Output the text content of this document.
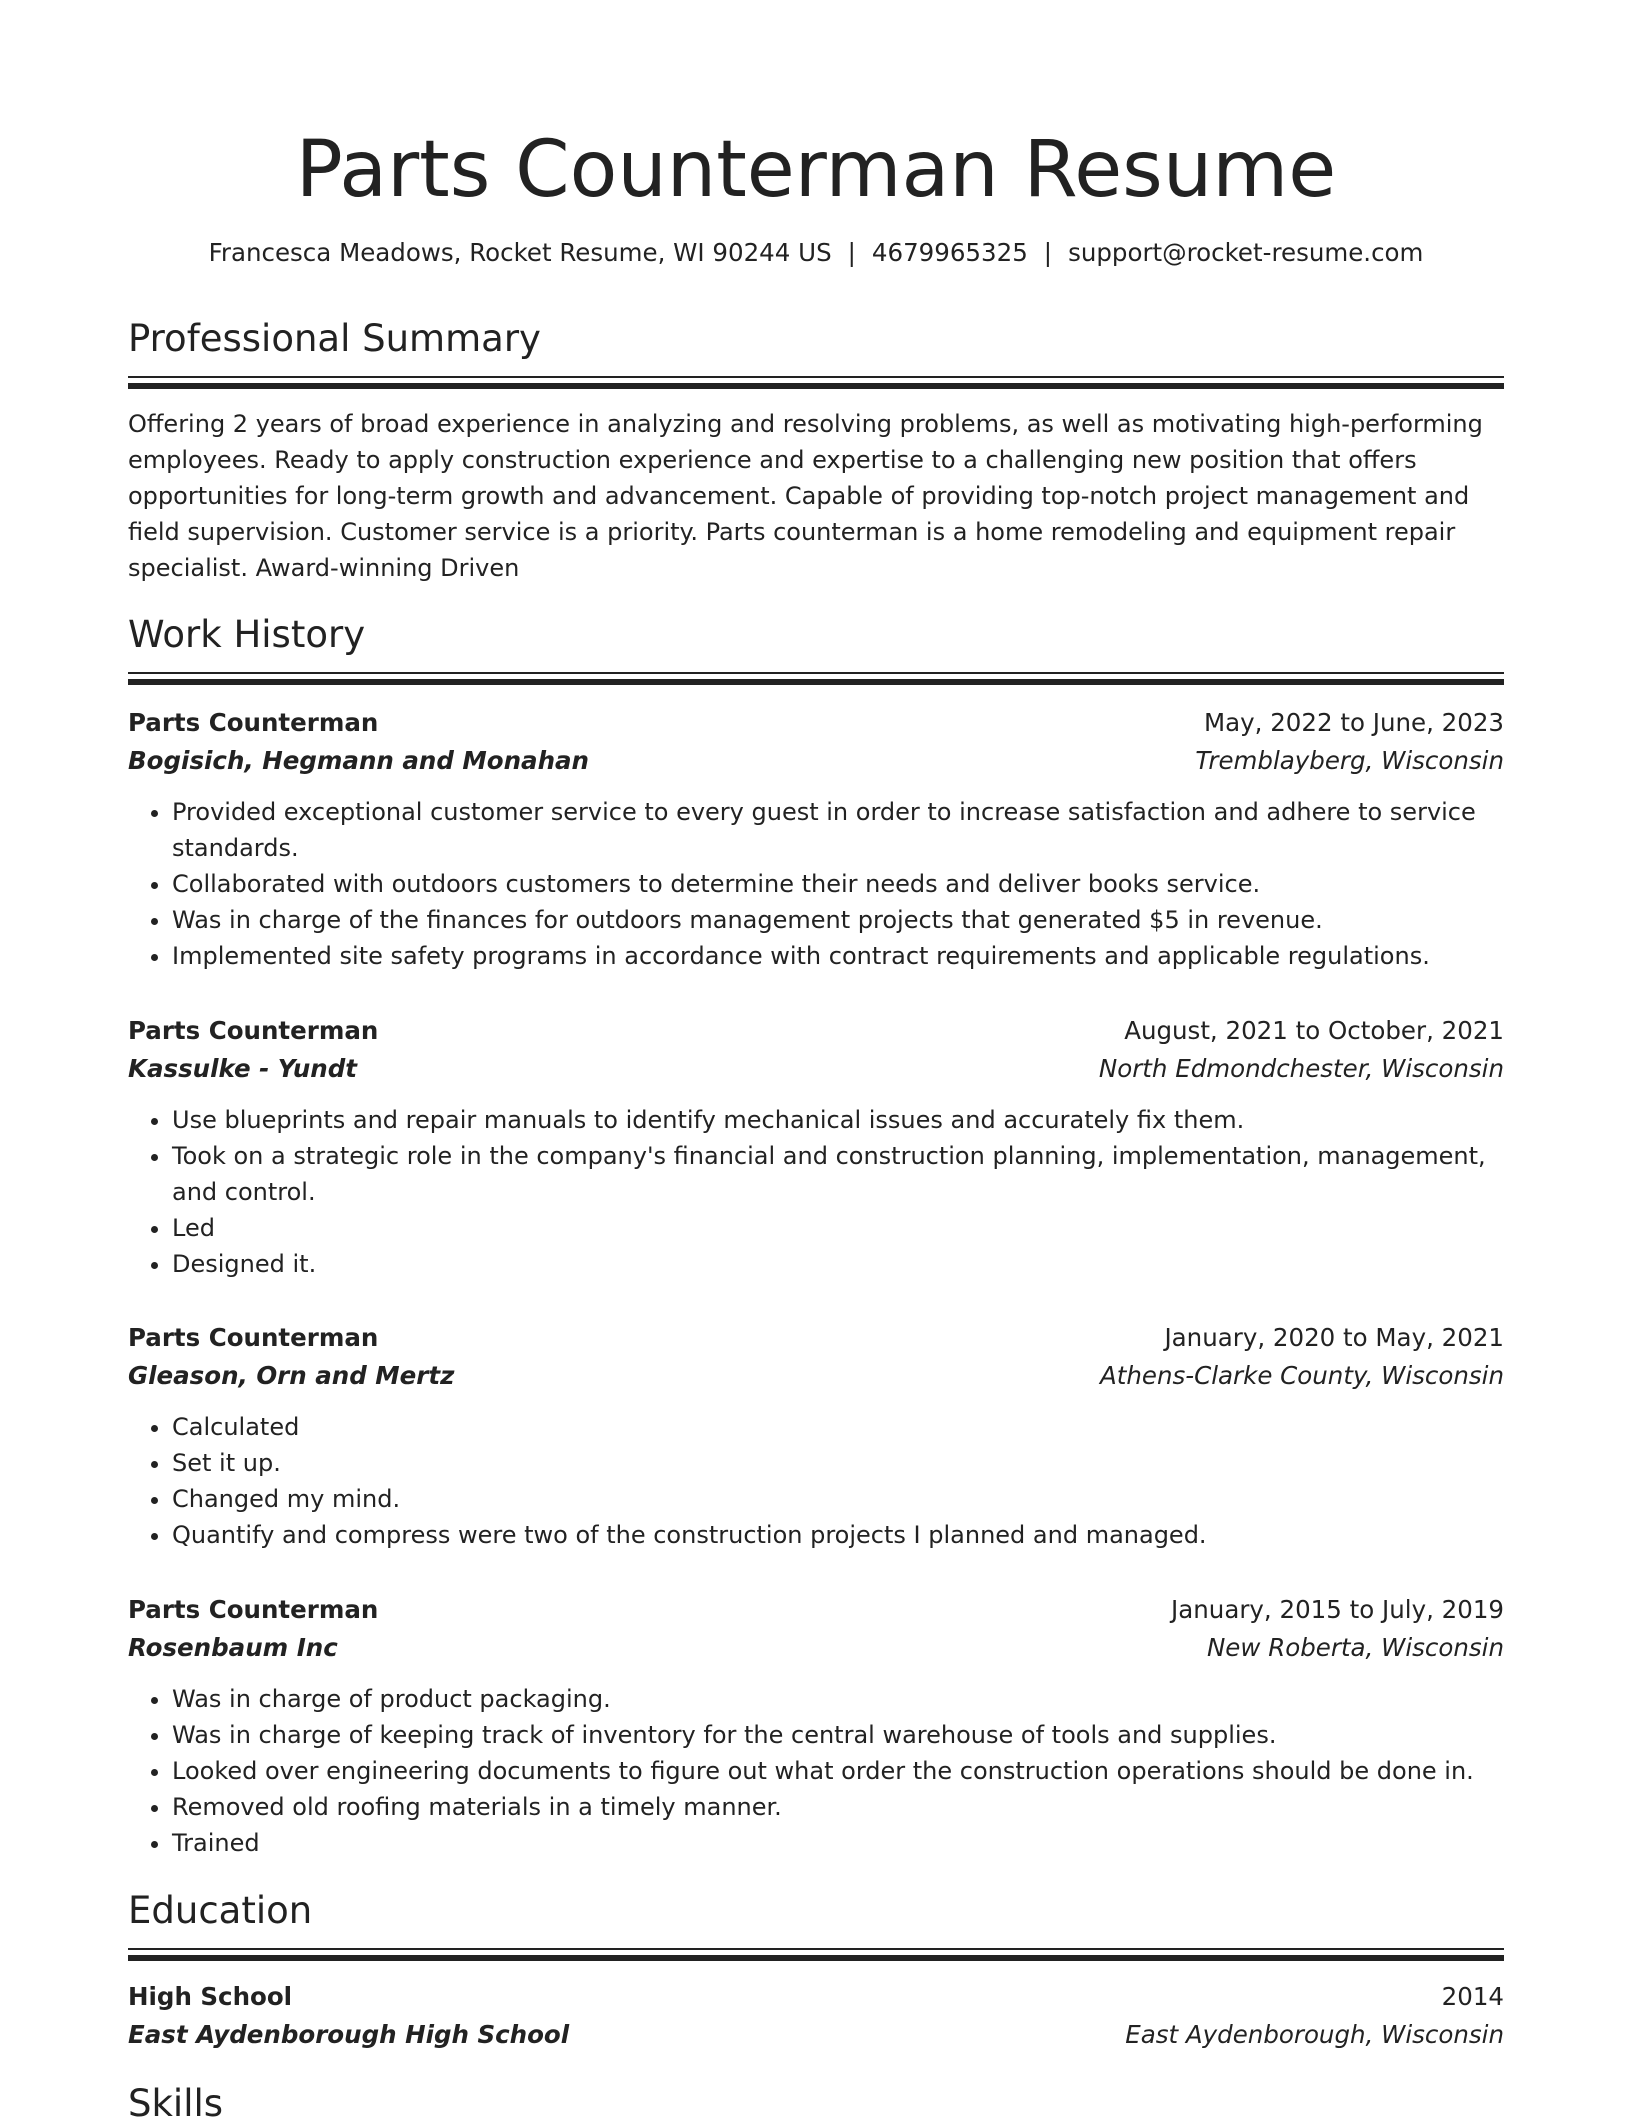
Parts Counterman Resume
Francesca Meadows, Rocket Resume, WI 90244 US | 4679965325 | support@rocket-resume.com
Professional Summary
Offering 2 years of broad experience in analyzing and resolving problems, as well as motivating high-performing employees. Ready to apply construction experience and expertise to a challenging new position that offers opportunities for long-term growth and advancement. Capable of providing top-notch project management and field supervision. Customer service is a priority. Parts counterman is a home remodeling and equipment repair specialist. Award-winning Driven
Work History
Parts Counterman	May, 2022 to June, 2023
Bogisich, Hegmann and Monahan	Tremblayberg, Wisconsin
• Provided exceptional customer service to every guest in order to increase satisfaction and adhere to service standards.
• Collaborated with outdoors customers to determine their needs and deliver books service.
• Was in charge of the finances for outdoors management projects that generated $5 in revenue.
• Implemented site safety programs in accordance with contract requirements and applicable regulations.
Parts Counterman	August, 2021 to October, 2021
Kassulke - Yundt	North Edmondchester, Wisconsin
• Use blueprints and repair manuals to identify mechanical issues and accurately fix them.
• Took on a strategic role in the company's financial and construction planning, implementation, management, and control.
• Led
• Designed it.
Parts Counterman	January, 2020 to May, 2021
Gleason, Orn and Mertz	Athens-Clarke County, Wisconsin
• Calculated
• Set it up.
• Changed my mind.
• Quantify and compress were two of the construction projects I planned and managed.
Parts Counterman	January, 2015 to July, 2019
Rosenbaum Inc	New Roberta, Wisconsin
• Was in charge of product packaging.
• Was in charge of keeping track of inventory for the central warehouse of tools and supplies.
• Looked over engineering documents to figure out what order the construction operations should be done in.
• Removed old roofing materials in a timely manner.
• Trained
Education
High School	2014
East Aydenborough High School	East Aydenborough, Wisconsin
Skills
